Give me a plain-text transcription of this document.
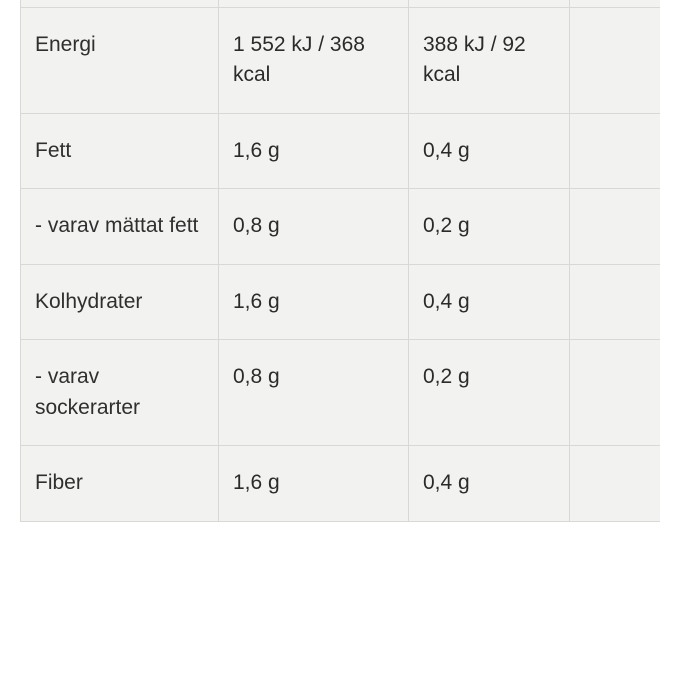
Energi	1 552 kJ / 368 kcal	388 kJ / 92 kcal	
Fett	1,6 g	0,4 g	
- varav mättat fett	0,8 g	0,2 g	
Kolhydrater	1,6 g	0,4 g	
- varav sockerarter	0,8 g	0,2 g	
Fiber	1,6 g	0,4 g	
